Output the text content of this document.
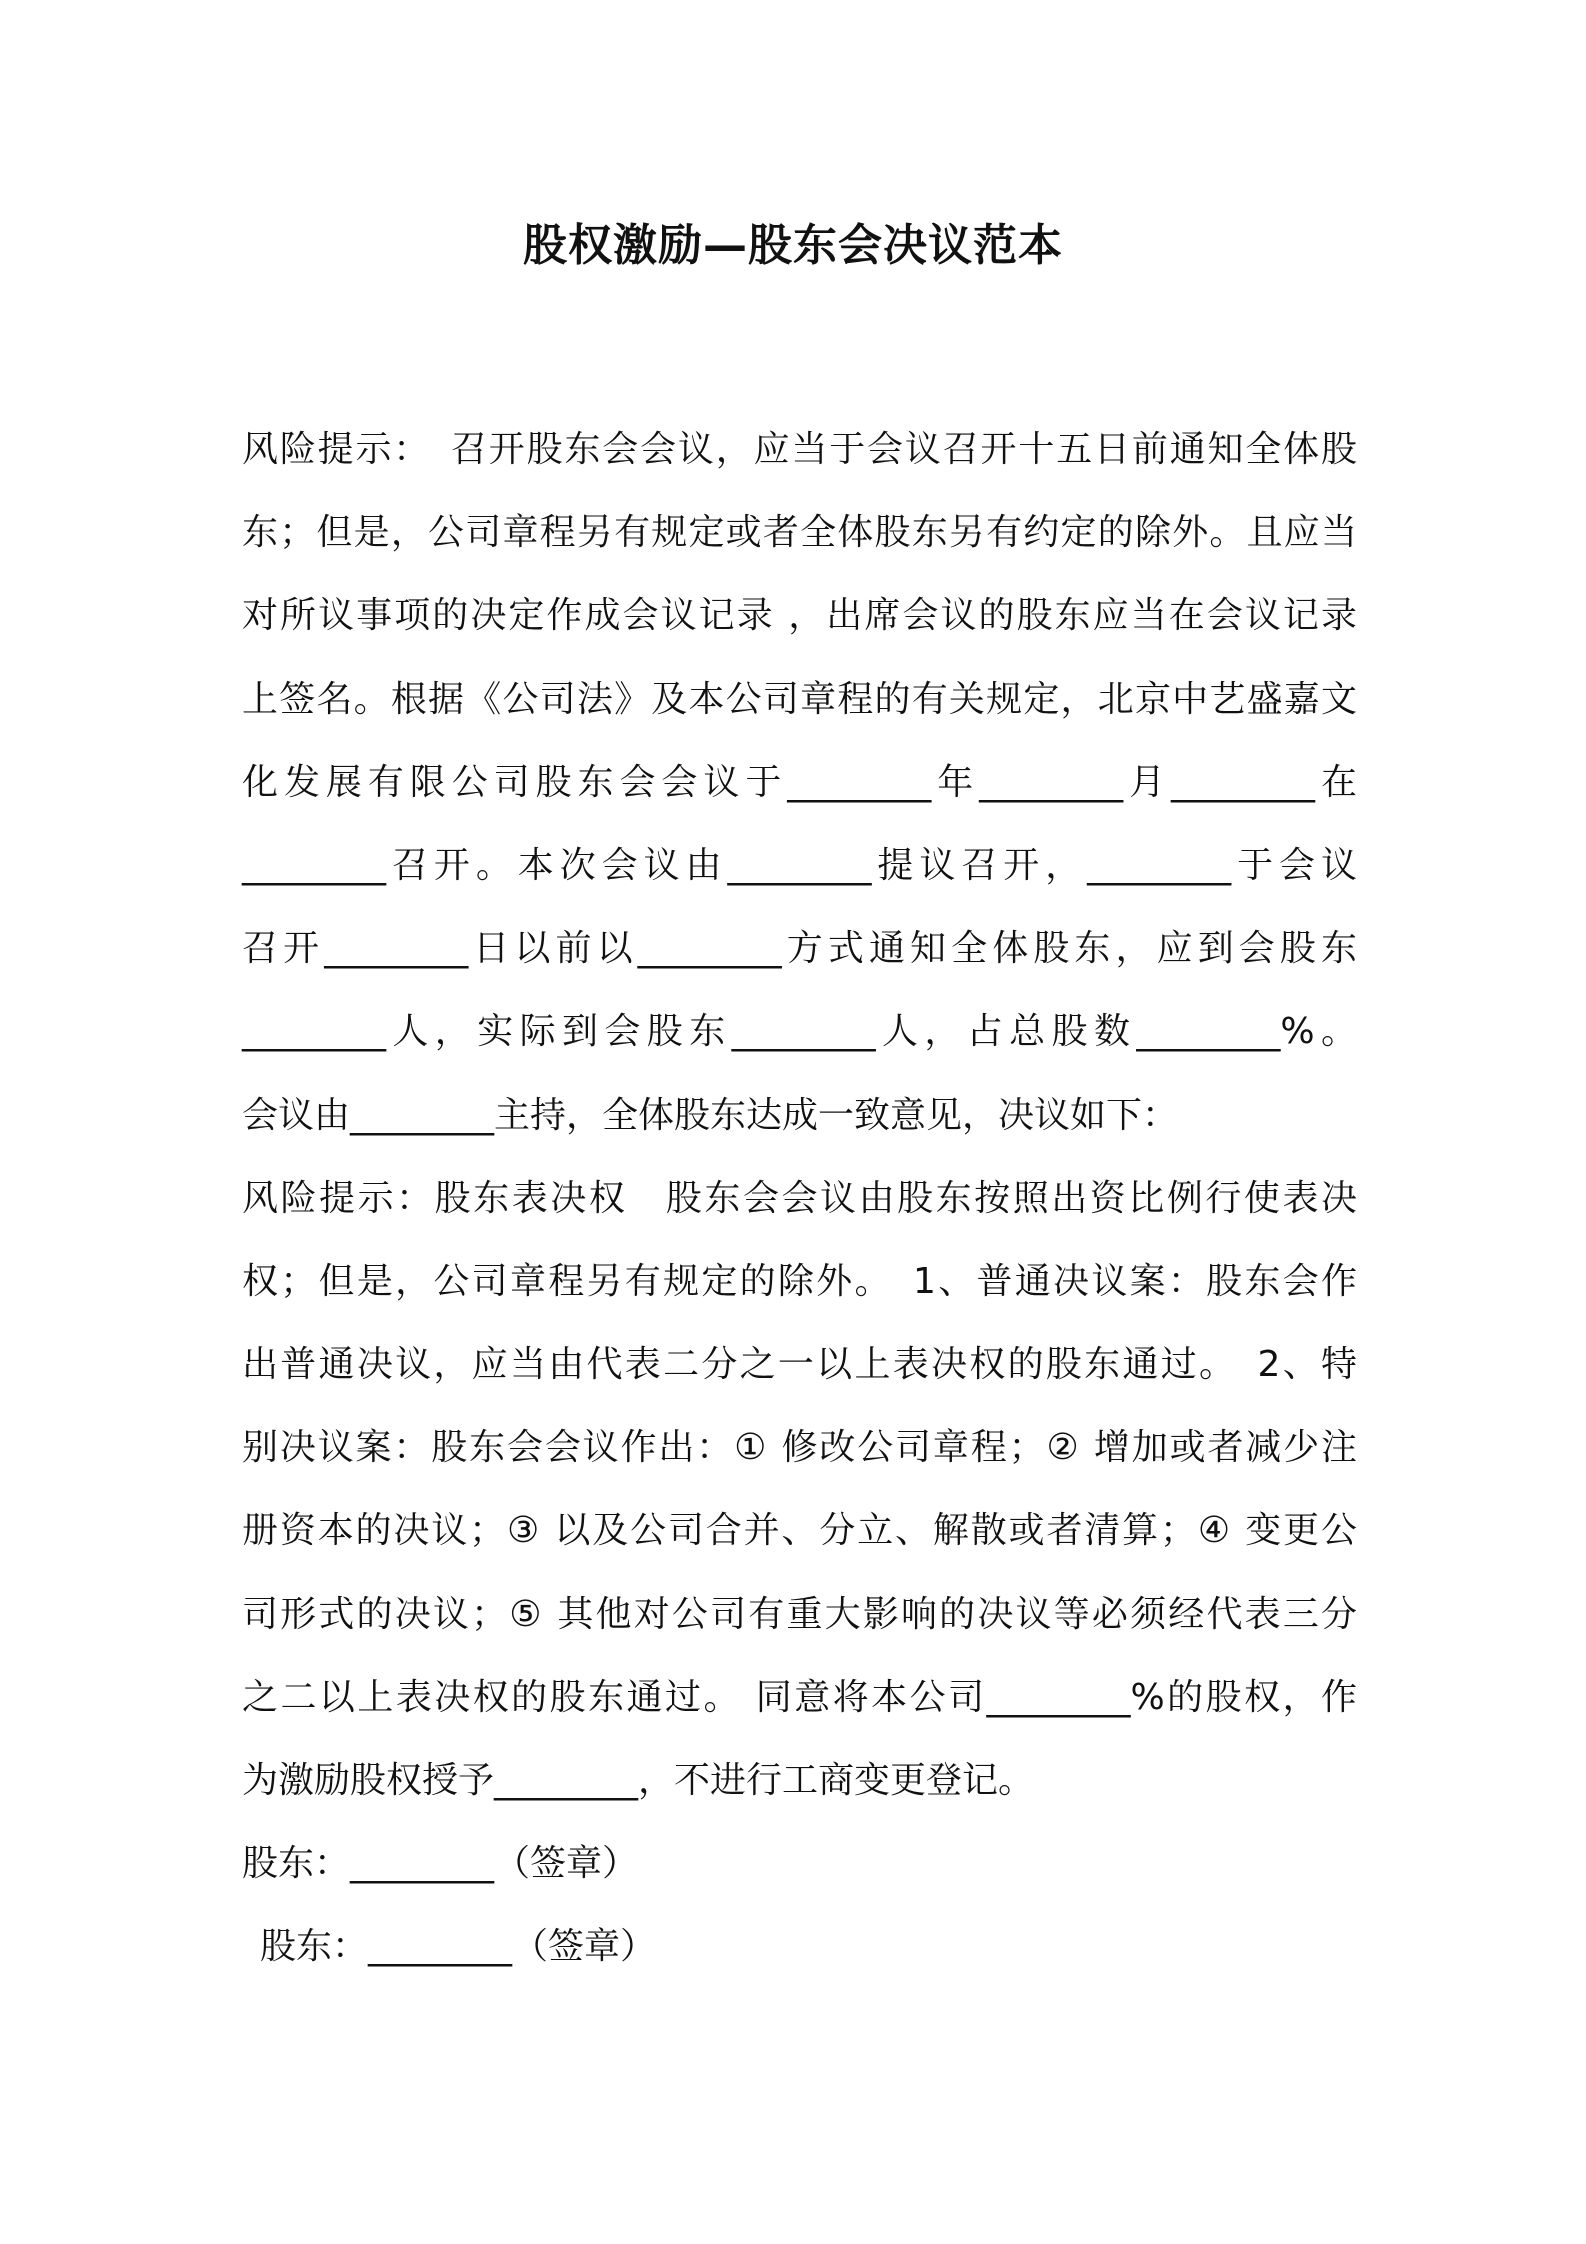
股权激励—股东会决议范本
风险提示：　召开股东会会议，应当于会议召开十五日前通知全体股
东；但是，公司章程另有规定或者全体股东另有约定的除外。且应当
对所议事项的决定作成会议记录 ，出席会议的股东应当在会议记录
上签名。根据《公司法》及本公司章程的有关规定，北京中艺盛嘉文
化发展有限公司股东会会议于________年________月________在
________召开。本次会议由________提议召开，________于会议
召开________日以前以________方式通知全体股东，应到会股东
________人，实际到会股东________人，占总股数________%。
会议由________主持，全体股东达成一致意见，决议如下：
风险提示：股东表决权　股东会会议由股东按照出资比例行使表决
权；但是，公司章程另有规定的除外。　1、普通决议案：股东会作
出普通决议，应当由代表二分之一以上表决权的股东通过。　2、特
别决议案：股东会会议作出：① 修改公司章程；② 增加或者减少注
册资本的决议；③ 以及公司合并、分立、解散或者清算；④ 变更公
司形式的决议；⑤ 其他对公司有重大影响的决议等必须经代表三分
之二以上表决权的股东通过。 同意将本公司________%的股权，作
为激励股权授予________，不进行工商变更登记。
股东：________（签章）
股东：________（签章）
